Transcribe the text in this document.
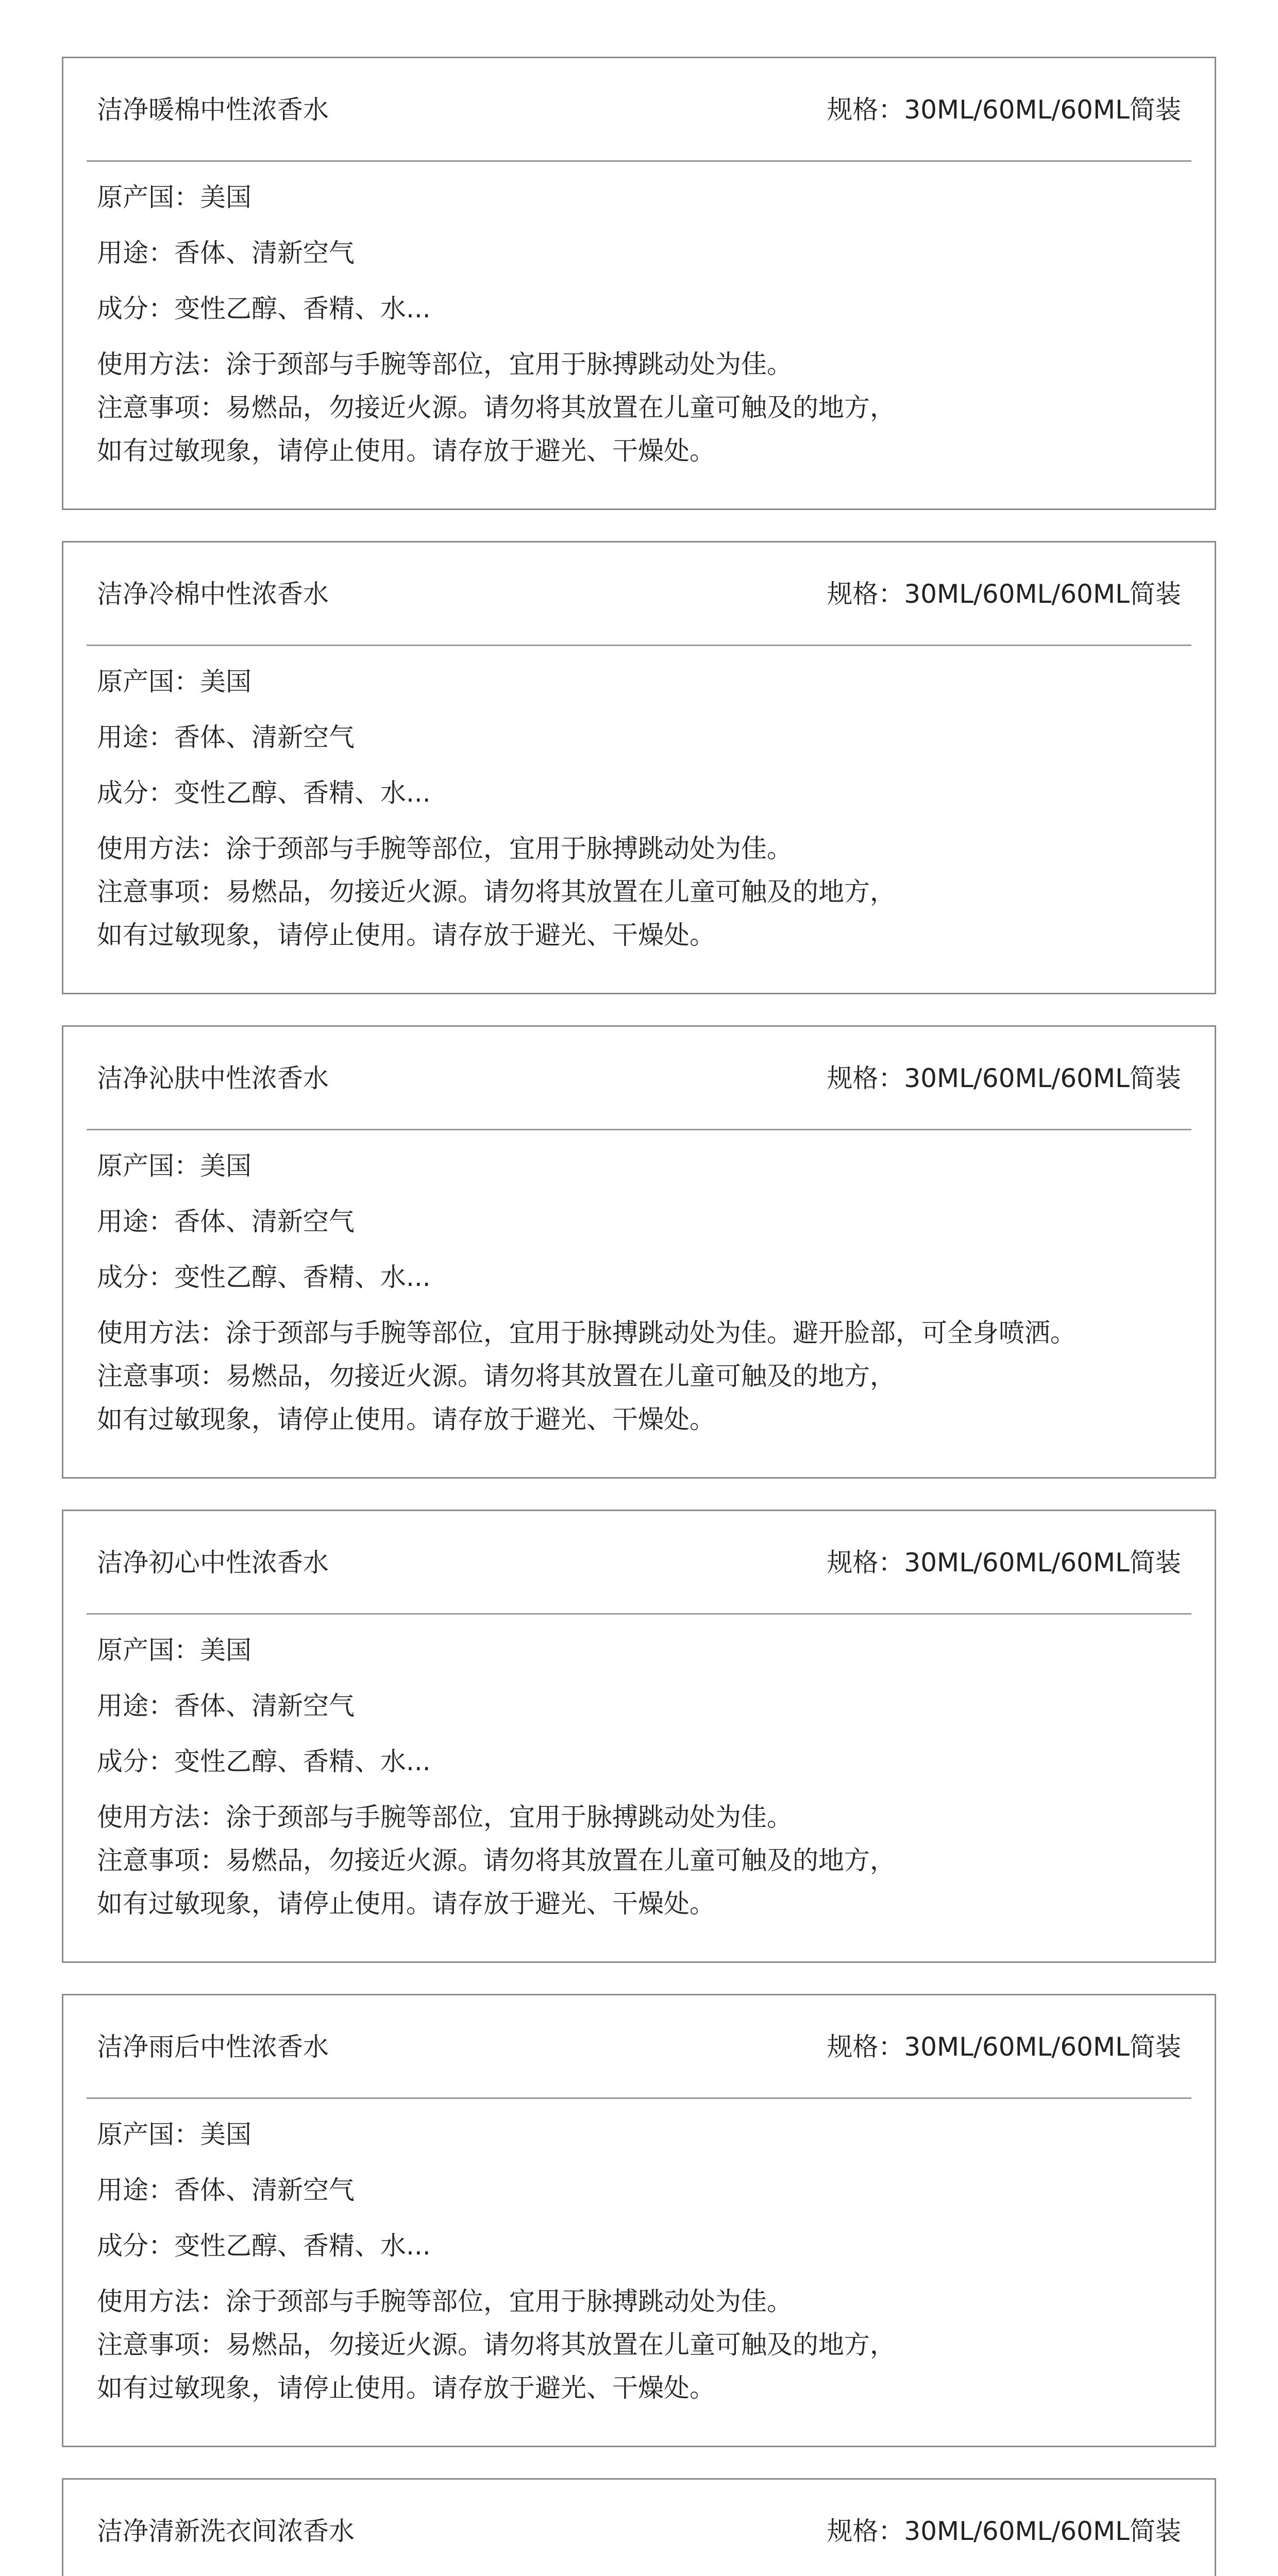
洁净暖棉中性浓香水	规格：30ML/60ML/60ML简装
原产国：美国
用途：香体、清新空气
成分：变性乙醇、香精、水...
使用方法：涂于颈部与手腕等部位，宜用于脉搏跳动处为佳。
注意事项：易燃品，勿接近火源。请勿将其放置在儿童可触及的地方，
如有过敏现象，请停止使用。请存放于避光、干燥处。
洁净冷棉中性浓香水	规格：30ML/60ML/60ML简装
原产国：美国
用途：香体、清新空气
成分：变性乙醇、香精、水...
使用方法：涂于颈部与手腕等部位，宜用于脉搏跳动处为佳。
注意事项：易燃品，勿接近火源。请勿将其放置在儿童可触及的地方，
如有过敏现象，请停止使用。请存放于避光、干燥处。
洁净沁肤中性浓香水	规格：30ML/60ML/60ML简装
原产国：美国
用途：香体、清新空气
成分：变性乙醇、香精、水...
使用方法：涂于颈部与手腕等部位，宜用于脉搏跳动处为佳。避开脸部，可全身喷洒。
注意事项：易燃品，勿接近火源。请勿将其放置在儿童可触及的地方，
如有过敏现象，请停止使用。请存放于避光、干燥处。
洁净初心中性浓香水	规格：30ML/60ML/60ML简装
原产国：美国
用途：香体、清新空气
成分：变性乙醇、香精、水...
使用方法：涂于颈部与手腕等部位，宜用于脉搏跳动处为佳。
注意事项：易燃品，勿接近火源。请勿将其放置在儿童可触及的地方，
如有过敏现象，请停止使用。请存放于避光、干燥处。
洁净雨后中性浓香水	规格：30ML/60ML/60ML简装
原产国：美国
用途：香体、清新空气
成分：变性乙醇、香精、水...
使用方法：涂于颈部与手腕等部位，宜用于脉搏跳动处为佳。
注意事项：易燃品，勿接近火源。请勿将其放置在儿童可触及的地方，
如有过敏现象，请停止使用。请存放于避光、干燥处。
洁净清新洗衣间浓香水	规格：30ML/60ML/60ML简装
